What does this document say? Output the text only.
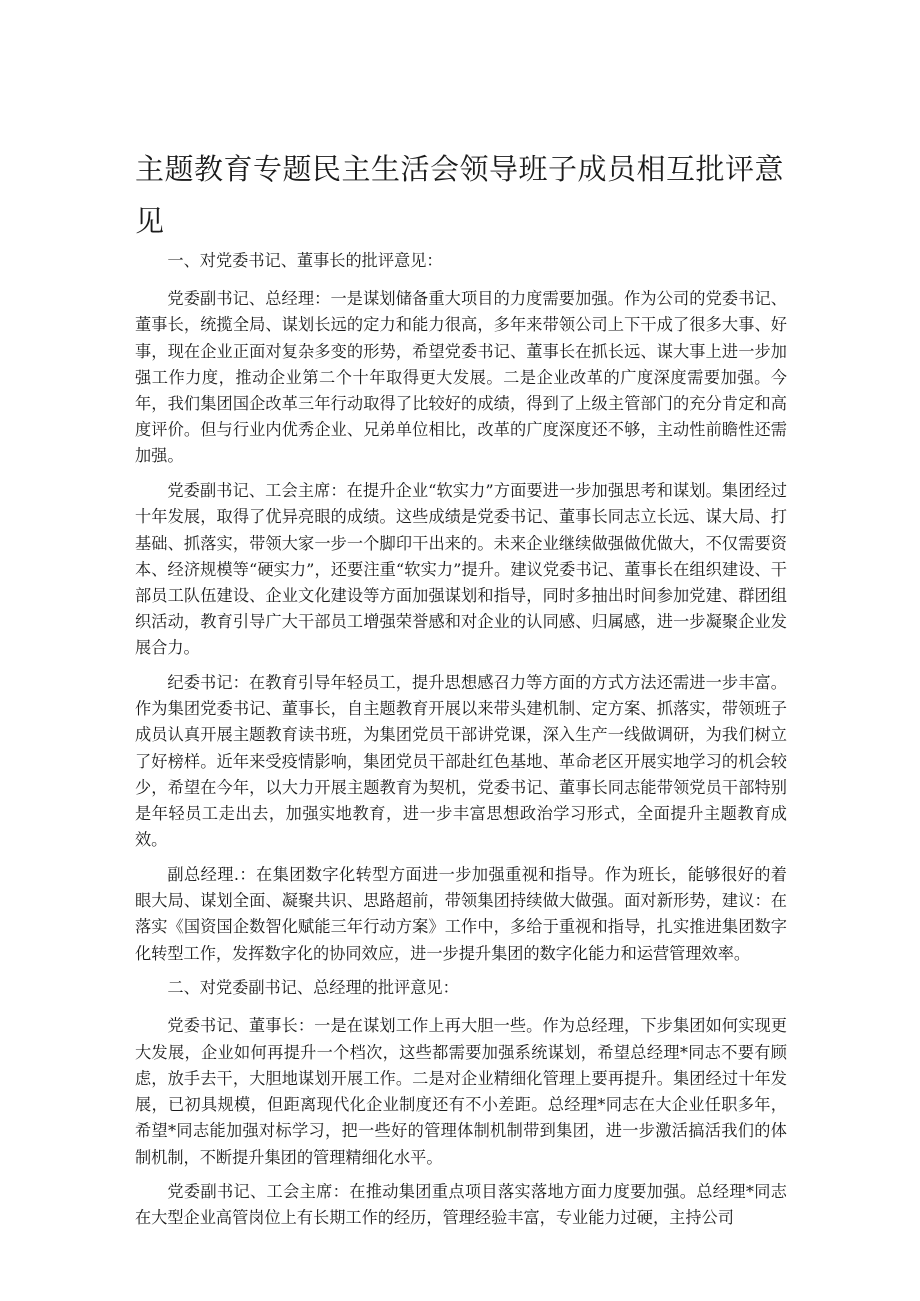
主题教育专题民主生活会领导班子成员相互批评意见

一、对党委书记、董事长的批评意见：

党委副书记、总经理：一是谋划储备重大项目的力度需要加强。作为公司的党委书记、董事长，统揽全局、谋划长远的定力和能力很高，多年来带领公司上下干成了很多大事、好事，现在企业正面对复杂多变的形势，希望党委书记、董事长在抓长远、谋大事上进一步加强工作力度，推动企业第二个十年取得更大发展。二是企业改革的广度深度需要加强。今年，我们集团国企改革三年行动取得了比较好的成绩，得到了上级主管部门的充分肯定和高度评价。但与行业内优秀企业、兄弟单位相比，改革的广度深度还不够，主动性前瞻性还需加强。

党委副书记、工会主席：在提升企业“软实力”方面要进一步加强思考和谋划。集团经过十年发展，取得了优异亮眼的成绩。这些成绩是党委书记、董事长同志立长远、谋大局、打基础、抓落实，带领大家一步一个脚印干出来的。未来企业继续做强做优做大，不仅需要资本、经济规模等“硬实力”，还要注重“软实力”提升。建议党委书记、董事长在组织建设、干部员工队伍建设、企业文化建设等方面加强谋划和指导，同时多抽出时间参加党建、群团组织活动，教育引导广大干部员工增强荣誉感和对企业的认同感、归属感，进一步凝聚企业发展合力。

纪委书记：在教育引导年轻员工，提升思想感召力等方面的方式方法还需进一步丰富。作为集团党委书记、董事长，自主题教育开展以来带头建机制、定方案、抓落实，带领班子成员认真开展主题教育读书班，为集团党员干部讲党课，深入生产一线做调研，为我们树立了好榜样。近年来受疫情影响，集团党员干部赴红色基地、革命老区开展实地学习的机会较少，希望在今年，以大力开展主题教育为契机，党委书记、董事长同志能带领党员干部特别是年轻员工走出去，加强实地教育，进一步丰富思想政治学习形式，全面提升主题教育成效。

副总经理.：在集团数字化转型方面进一步加强重视和指导。作为班长，能够很好的着眼大局、谋划全面、凝聚共识、思路超前，带领集团持续做大做强。面对新形势，建议：在落实《国资国企数智化赋能三年行动方案》工作中，多给于重视和指导，扎实推进集团数字化转型工作，发挥数字化的协同效应，进一步提升集团的数字化能力和运营管理效率。

二、对党委副书记、总经理的批评意见：

党委书记、董事长：一是在谋划工作上再大胆一些。作为总经理，下步集团如何实现更大发展，企业如何再提升一个档次，这些都需要加强系统谋划，希望总经理*同志不要有顾虑，放手去干，大胆地谋划开展工作。二是对企业精细化管理上要再提升。集团经过十年发展，已初具规模，但距离现代化企业制度还有不小差距。总经理*同志在大企业任职多年，希望*同志能加强对标学习，把一些好的管理体制机制带到集团，进一步激活搞活我们的体制机制，不断提升集团的管理精细化水平。

党委副书记、工会主席：在推动集团重点项目落实落地方面力度要加强。总经理*同志在大型企业高管岗位上有长期工作的经历，管理经验丰富，专业能力过硬，主持公司
